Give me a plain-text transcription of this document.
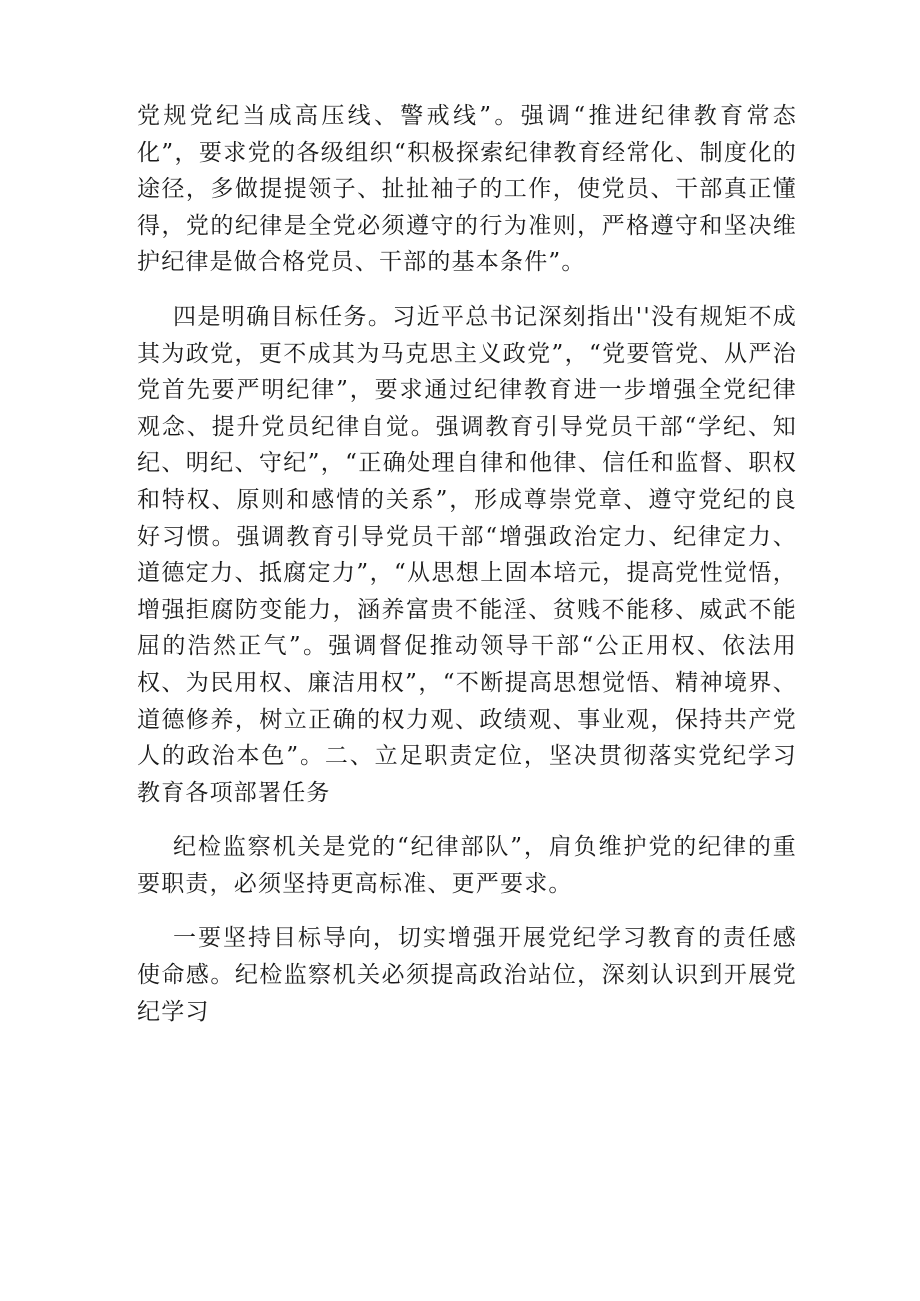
党规党纪当成高压线、警戒线”。强调“推进纪律教育常态化”，要求党的各级组织“积极探索纪律教育经常化、制度化的途径，多做提提领子、扯扯袖子的工作，使党员、干部真正懂得，党的纪律是全党必须遵守的行为准则，严格遵守和坚决维护纪律是做合格党员、干部的基本条件”。

四是明确目标任务。习近平总书记深刻指出''没有规矩不成其为政党，更不成其为马克思主义政党”，“党要管党、从严治党首先要严明纪律”，要求通过纪律教育进一步增强全党纪律观念、提升党员纪律自觉。强调教育引导党员干部“学纪、知纪、明纪、守纪”，“正确处理自律和他律、信任和监督、职权和特权、原则和感情的关系”，形成尊崇党章、遵守党纪的良好习惯。强调教育引导党员干部“增强政治定力、纪律定力、道德定力、抵腐定力”，“从思想上固本培元，提高党性觉悟，增强拒腐防变能力，涵养富贵不能淫、贫贱不能移、威武不能屈的浩然正气”。强调督促推动领导干部“公正用权、依法用权、为民用权、廉洁用权”，“不断提高思想觉悟、精神境界、道德修养，树立正确的权力观、政绩观、事业观，保持共产党人的政治本色”。二、立足职责定位，坚决贯彻落实党纪学习教育各项部署任务

纪检监察机关是党的“纪律部队”，肩负维护党的纪律的重要职责，必须坚持更高标准、更严要求。

一要坚持目标导向，切实增强开展党纪学习教育的责任感使命感。纪检监察机关必须提高政治站位，深刻认识到开展党纪学习
